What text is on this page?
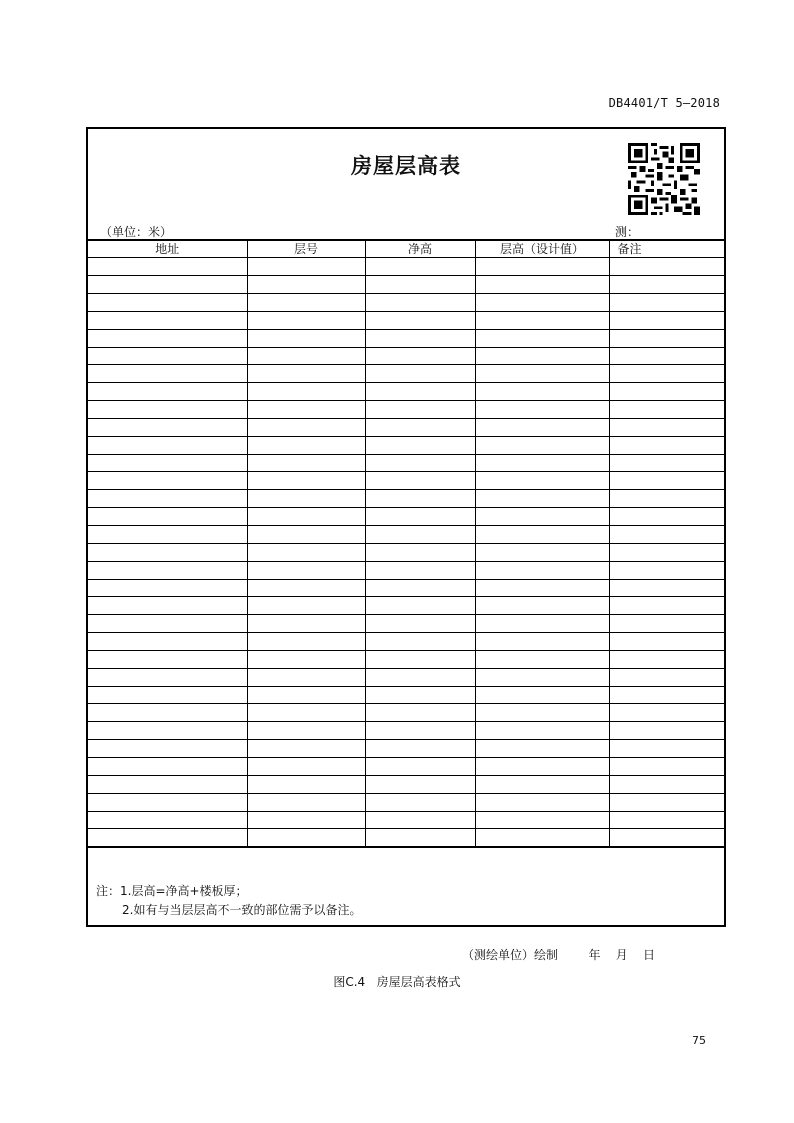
DB4401/T 5—2018
房屋层高表
（单位：米）	测：
地址	层号	净高	层高（设计值）	备注

注：1.层高=净高+楼板厚；
2.如有与当层层高不一致的部位需予以备注。
（测绘单位）绘制        年    月    日
图C.4   房屋层高表格式
75
